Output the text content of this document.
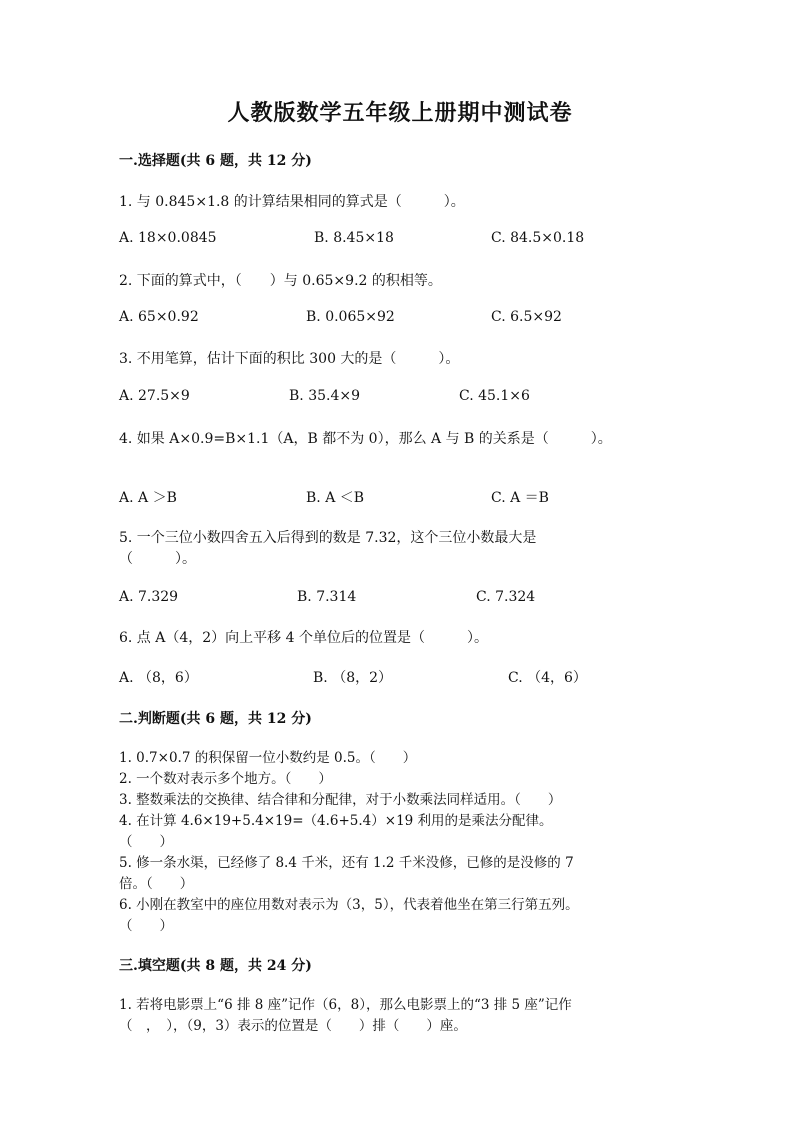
人教版数学五年级上册期中测试卷
一.选择题(共 6 题，共 12 分)
1. 与 0.845×1.8 的计算结果相同的算式是（　　　）。
A. 18×0.0845	B. 8.45×18	C. 84.5×0.18
2. 下面的算式中，（　　）与 0.65×9.2 的积相等。
A. 65×0.92	B. 0.065×92	C. 6.5×92
3. 不用笔算，估计下面的积比 300 大的是（　　　）。
A. 27.5×9	B. 35.4×9	C. 45.1×6
4. 如果 A×0.9=B×1.1（A，B 都不为 0），那么 A 与 B 的关系是（　　　）。
A. A ＞B	B. A ＜B	C. A ＝B
5. 一个三位小数四舍五入后得到的数是 7.32，这个三位小数最大是
（　　　）。
A. 7.329	B. 7.314	C. 7.324
6. 点 A（4，2）向上平移 4 个单位后的位置是（　　　）。
A. （8，6）	B. （8，2）	C. （4，6）
二.判断题(共 6 题，共 12 分)
1. 0.7×0.7 的积保留一位小数约是 0.5。（　　）
2. 一个数对表示多个地方。（　　）
3. 整数乘法的交换律、结合律和分配律，对于小数乘法同样适用。（　　）
4. 在计算 4.6×19+5.4×19=（4.6+5.4）×19 利用的是乘法分配律。
（　　）
5. 修一条水渠，已经修了 8.4 千米，还有 1.2 千米没修，已修的是没修的 7
倍。（　　）
6. 小刚在教室中的座位用数对表示为（3，5），代表着他坐在第三行第五列。
（　　）
三.填空题(共 8 题，共 24 分)
1. 若将电影票上“6 排 8 座”记作（6，8），那么电影票上的“3 排 5 座”记作
（　，　），（9，3）表示的位置是（　　）排（　　）座。
